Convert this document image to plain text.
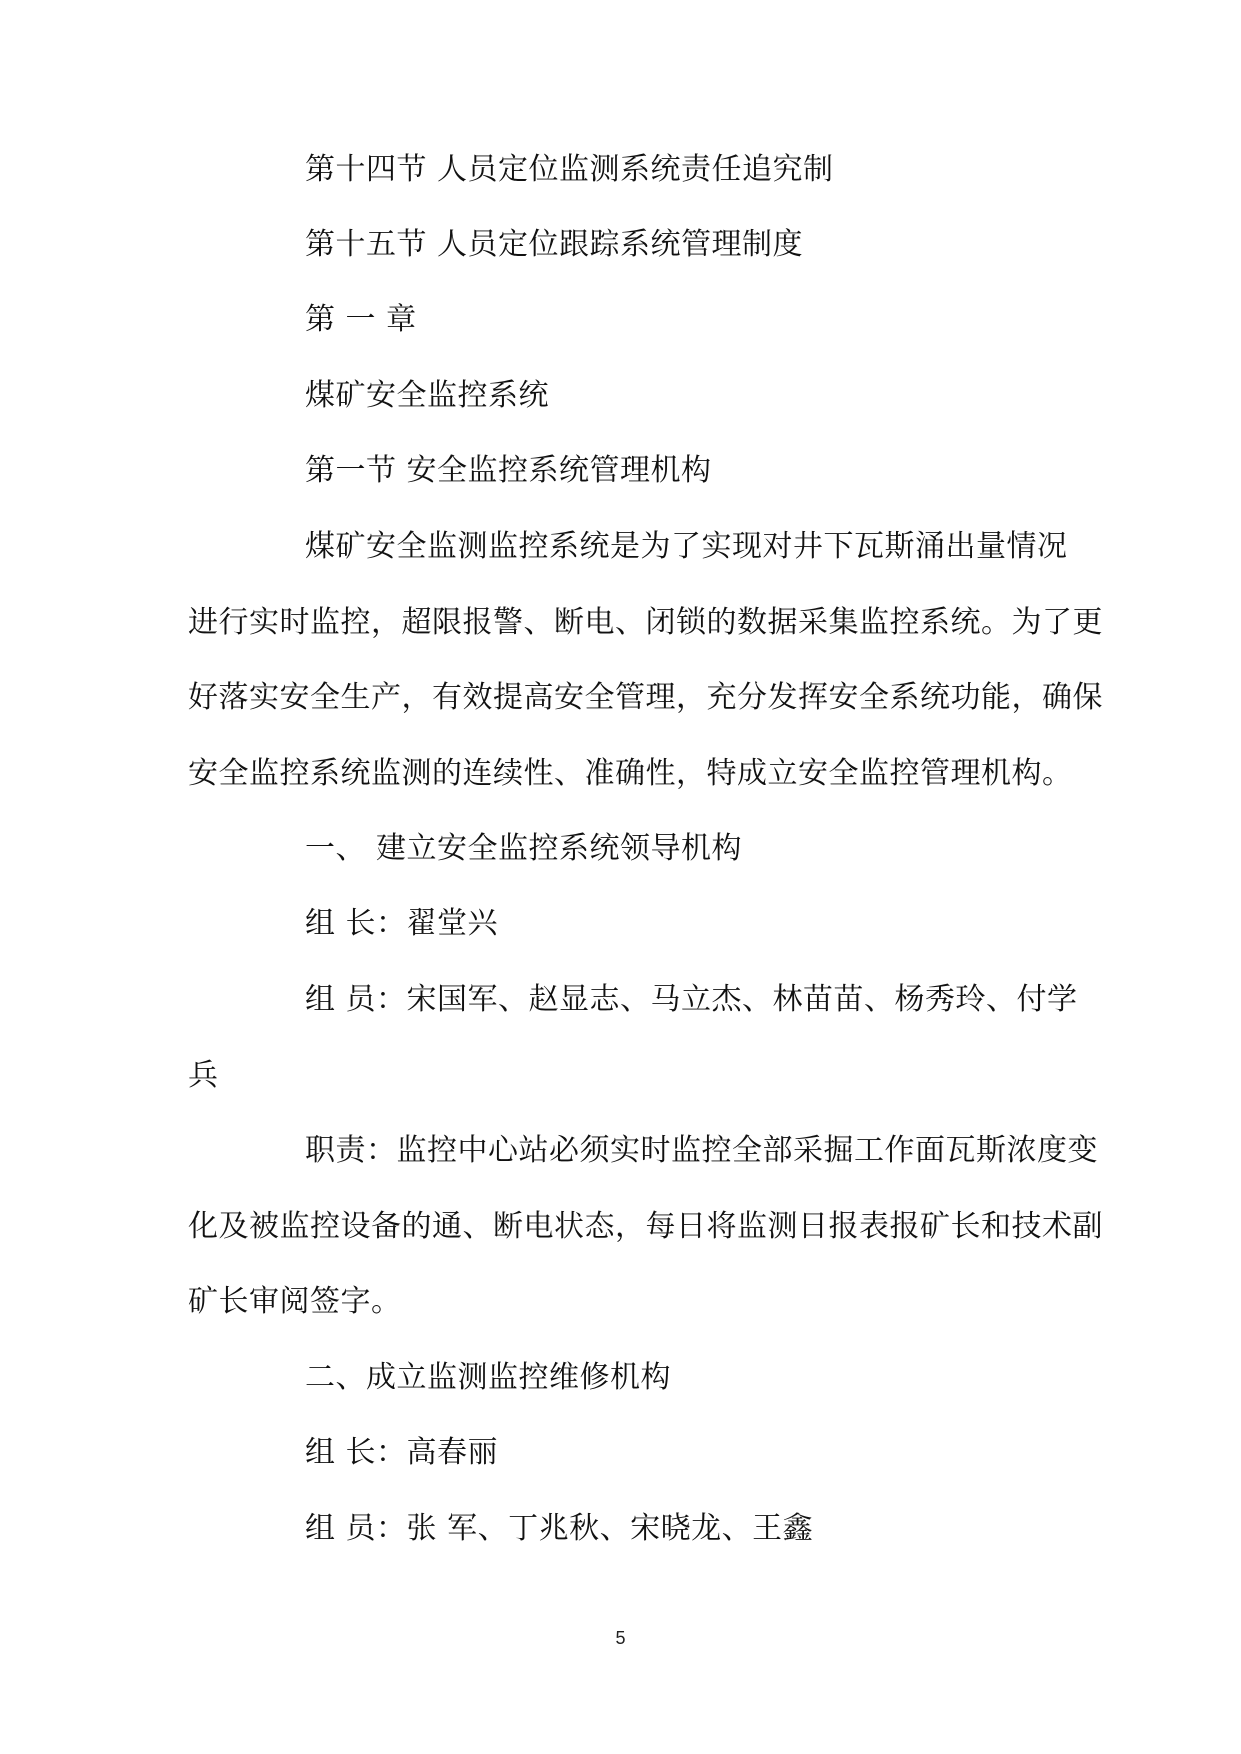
第十四节 人员定位监测系统责任追究制
第十五节 人员定位跟踪系统管理制度
第 一 章
煤矿安全监控系统
第一节 安全监控系统管理机构
煤矿安全监测监控系统是为了实现对井下瓦斯涌出量情况
进行实时监控，超限报警、断电、闭锁的数据采集监控系统。为了更
好落实安全生产，有效提高安全管理，充分发挥安全系统功能，确保
安全监控系统监测的连续性、准确性，特成立安全监控管理机构。
一、 建立安全监控系统领导机构
组 长：翟堂兴
组 员：宋国军、赵显志、马立杰、林苗苗、杨秀玲、付学
兵
职责：监控中心站必须实时监控全部采掘工作面瓦斯浓度变
化及被监控设备的通、断电状态，每日将监测日报表报矿长和技术副
矿长审阅签字。
二、成立监测监控维修机构
组 长：高春丽
组 员：张 军、丁兆秋、宋晓龙、王鑫
5
